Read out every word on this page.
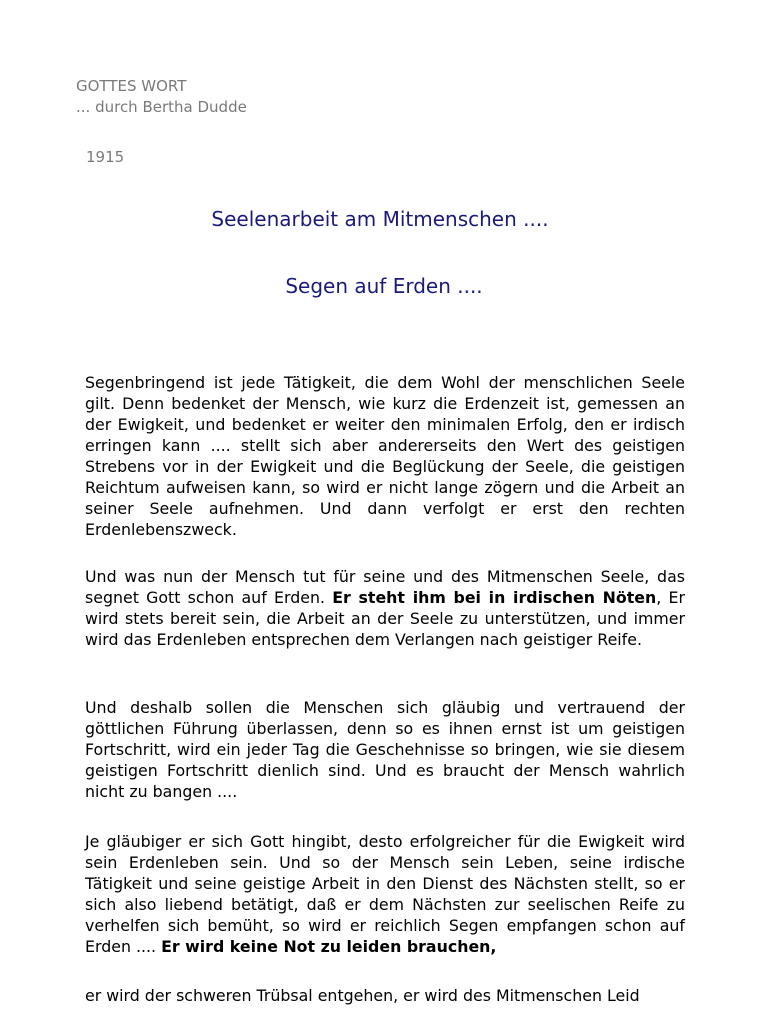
GOTTES WORT
... durch Bertha Dudde
1915
Seelenarbeit am Mitmenschen ....
Segen auf Erden ....
Segenbringend ist jede Tätigkeit, die dem Wohl der menschlichen Seele gilt. Denn bedenket der Mensch, wie kurz die Erdenzeit ist, gemessen an der Ewigkeit, und bedenket er weiter den minimalen Erfolg, den er irdisch erringen kann .... stellt sich aber andererseits den Wert des geistigen Strebens vor in der Ewigkeit und die Beglückung der Seele, die geistigen Reichtum aufweisen kann, so wird er nicht lange zögern und die Arbeit an seiner Seele aufnehmen. Und dann verfolgt er erst den rechten Erdenlebenszweck.
Und was nun der Mensch tut für seine und des Mitmenschen Seele, das segnet Gott schon auf Erden. Er steht ihm bei in irdischen Nöten, Er wird stets bereit sein, die Arbeit an der Seele zu unterstützen, und immer wird das Erdenleben entsprechen dem Verlangen nach geistiger Reife.
Und deshalb sollen die Menschen sich gläubig und vertrauend der göttlichen Führung überlassen, denn so es ihnen ernst ist um geistigen Fortschritt, wird ein jeder Tag die Geschehnisse so bringen, wie sie diesem geistigen Fortschritt dienlich sind. Und es braucht der Mensch wahrlich nicht zu bangen ....
Je gläubiger er sich Gott hingibt, desto erfolgreicher für die Ewigkeit wird sein Erdenleben sein. Und so der Mensch sein Leben, seine irdische Tätigkeit und seine geistige Arbeit in den Dienst des Nächsten stellt, so er sich also liebend betätigt, daß er dem Nächsten zur seelischen Reife zu verhelfen sich bemüht, so wird er reichlich Segen empfangen schon auf Erden .... Er wird keine Not zu leiden brauchen,
er wird der schweren Trübsal entgehen, er wird des Mitmenschen Leid
